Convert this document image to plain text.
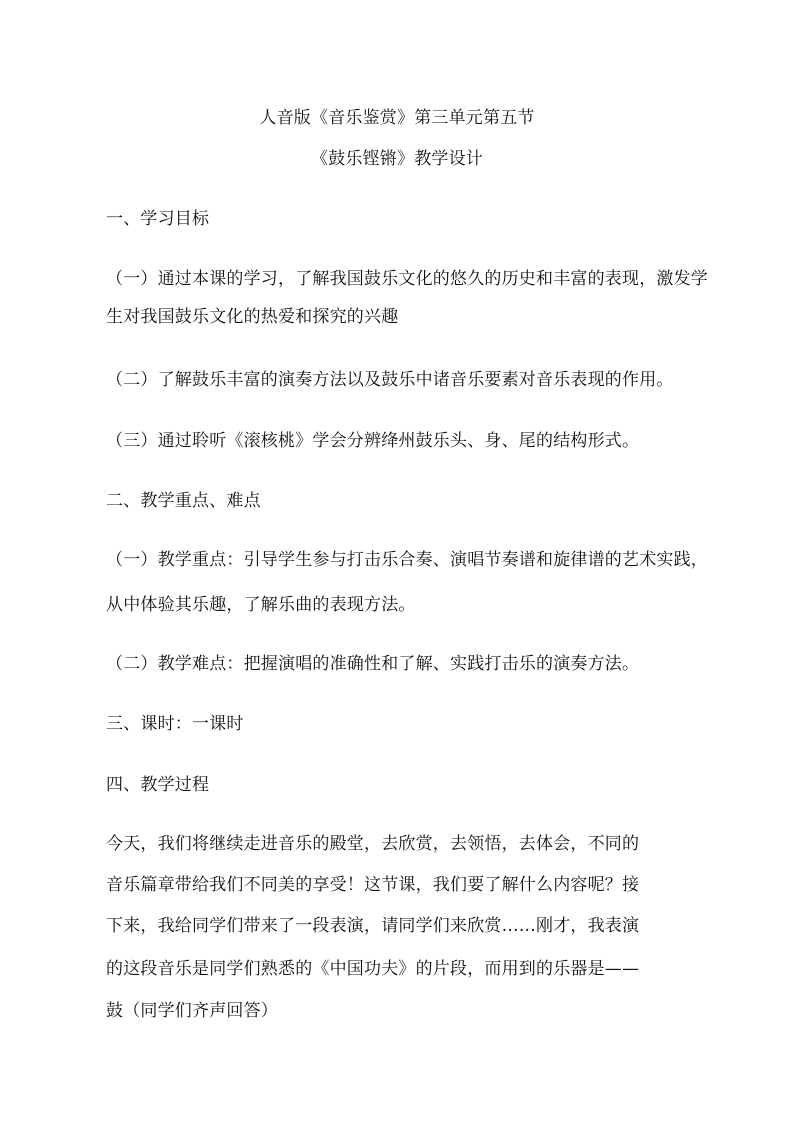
人音版《音乐鉴赏》第三单元第五节
《鼓乐铿锵》教学设计
一、学习目标
（一）通过本课的学习，了解我国鼓乐文化的悠久的历史和丰富的表现，激发学
生对我国鼓乐文化的热爱和探究的兴趣
（二）了解鼓乐丰富的演奏方法以及鼓乐中诸音乐要素对音乐表现的作用。
（三）通过聆听《滚核桃》学会分辨绛州鼓乐头、身、尾的结构形式。
二、教学重点、难点
（一）教学重点：引导学生参与打击乐合奏、演唱节奏谱和旋律谱的艺术实践，
从中体验其乐趣，了解乐曲的表现方法。
（二）教学难点：把握演唱的准确性和了解、实践打击乐的演奏方法。
三、课时：一课时
四、教学过程
今天，我们将继续走进音乐的殿堂，去欣赏，去领悟，去体会，不同的
音乐篇章带给我们不同美的享受！这节课，我们要了解什么内容呢？接
下来，我给同学们带来了一段表演，请同学们来欣赏……刚才，我表演
的这段音乐是同学们熟悉的《中国功夫》的片段，而用到的乐器是——
鼓（同学们齐声回答）
